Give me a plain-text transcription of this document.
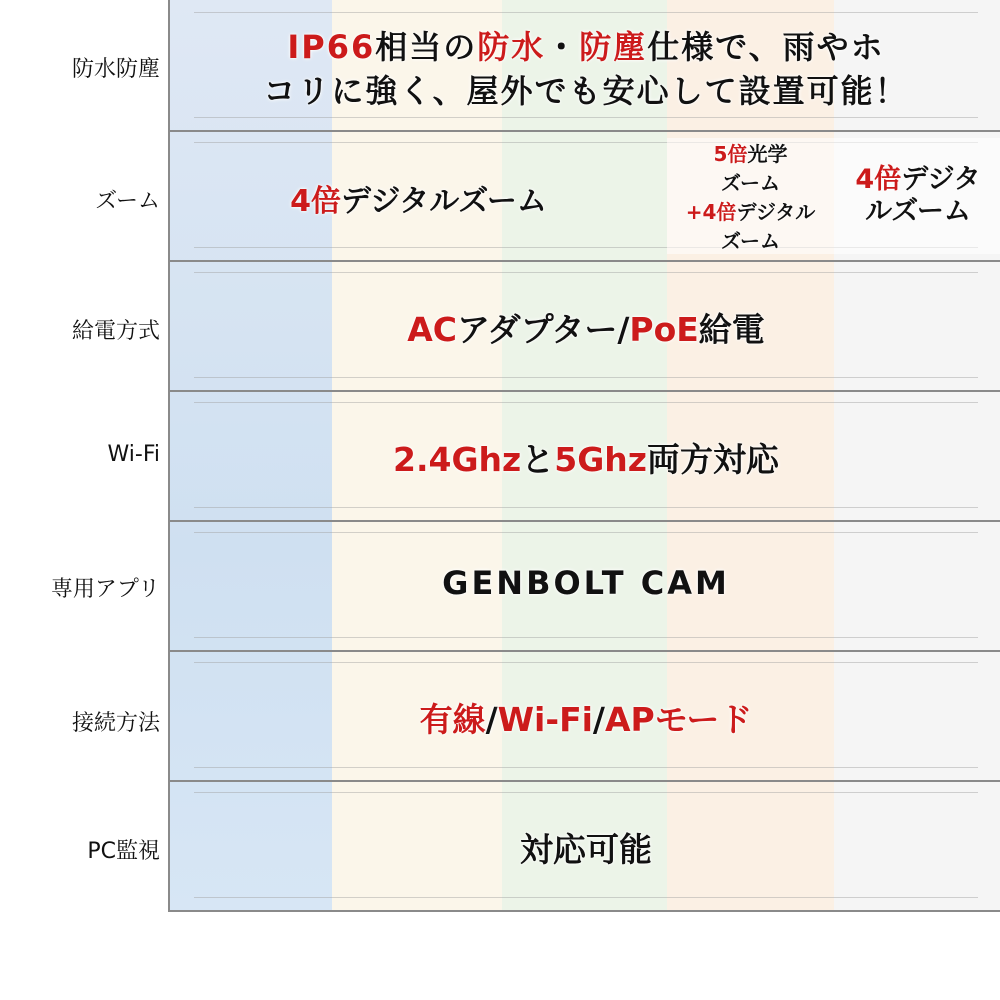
IP66相当の防水・防塵仕様で、雨やホ
コリに強く、屋外でも安心して設置可能！
4倍デジタルズーム
5倍光学
ズーム
+4倍デジタル
ズーム
4倍デジタ
ルズーム
ACアダプター/PoE給電
2.4Ghzと5Ghz両方対応
GENBOLT CAM
有線/Wi-Fi/APモード
対応可能
防水防塵
ズーム
給電方式
Wi-Fi
専用アプリ
接続方法
PC監視
